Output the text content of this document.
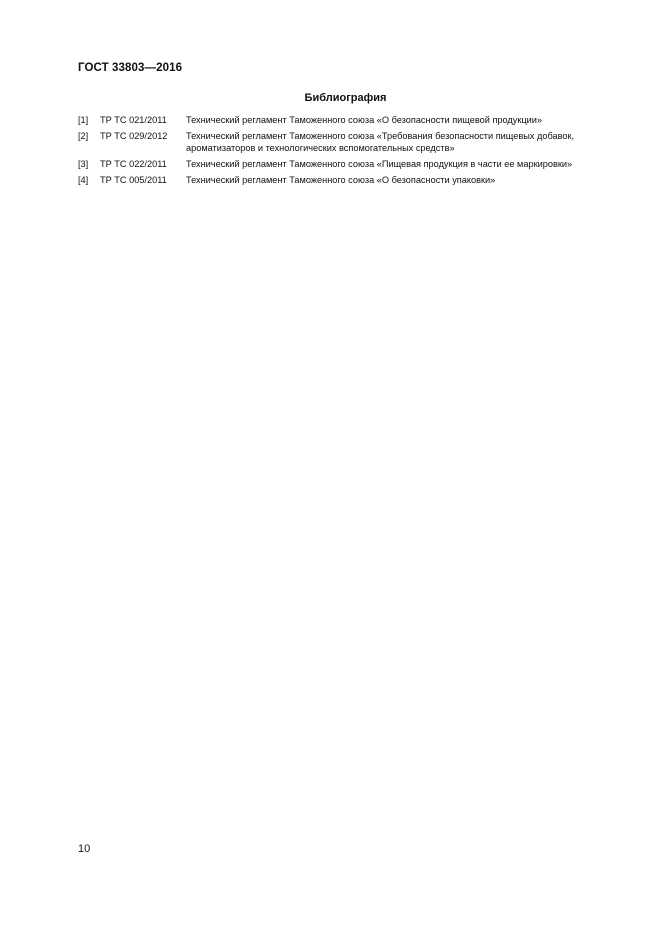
ГОСТ 33803—2016
Библиография
[1]	ТР ТС 021/2011	Технический регламент Таможенного союза «О безопасности пищевой продукции»
[2]	ТР ТС 029/2012	Технический регламент Таможенного союза «Требования безопасности пищевых добавок, ароматизаторов и технологических вспомогательных средств»
[3]	ТР ТС 022/2011	Технический регламент Таможенного союза «Пищевая продукция в части ее маркировки»
[4]	ТР ТС 005/2011	Технический регламент Таможенного союза «О безопасности упаковки»
10
